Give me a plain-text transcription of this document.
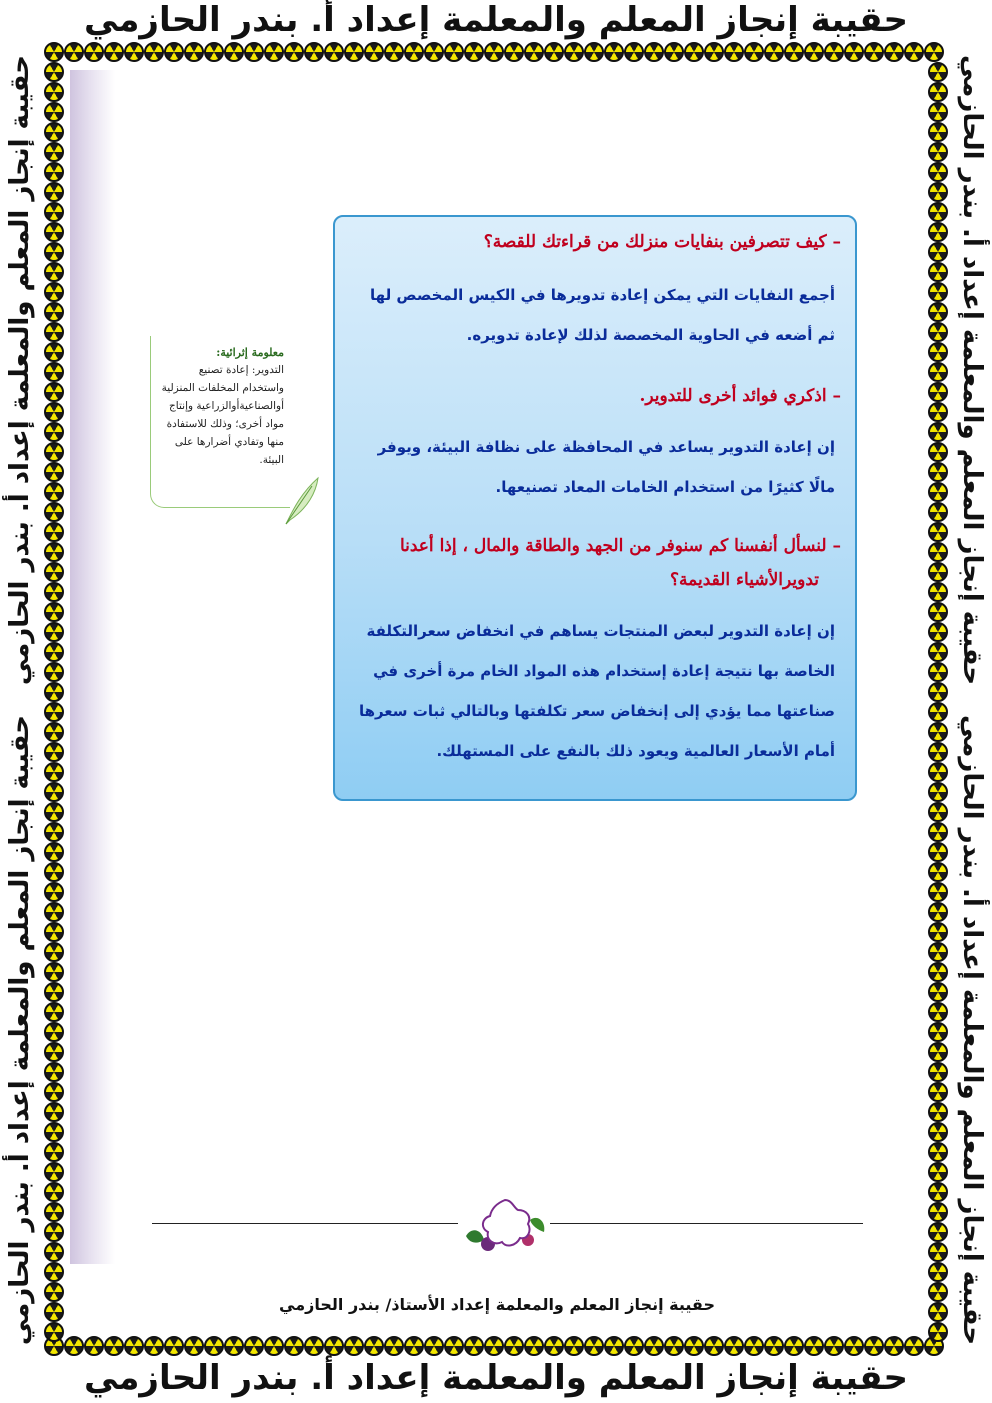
حقيبة إنجاز المعلم والمعلمة إعداد أ. بندر الحازمي
حقيبة إنجاز المعلم والمعلمة إعداد أ. بندر الحازمي
حقيبة إنجاز المعلم والمعلمة إعداد أ. بندر الحازمي
حقيبة إنجاز المعلم والمعلمة إعداد أ. بندر الحازمي
حقيبة إنجاز المعلم والمعلمة إعداد أ. بندر الحازمي
حقيبة إنجاز المعلم والمعلمة إعداد أ. بندر الحازمي
معلومة إثرائية:
التدوير: إعادة تصنيع واستخدام المخلفات المنزلية أوالصناعيةأوالزراعية وإنتاج مواد أخرى؛ وذلك للاستفادة منها وتفادي أضرارها على البيئة.
– كيف تتصرفين بنفايات منزلك من قراءتك للقصة؟
أجمع النفايات التي يمكن إعادة تدويرها في الكيس المخصص لها
ثم أضعه في الحاوية المخصصة لذلك لإعادة تدويره.
– اذكري فوائد أخرى للتدوير.
إن إعادة التدوير يساعد في المحافظة على نظافة البيئة، ويوفر
مالًا كثيرًا من استخدام الخامات المعاد تصنيعها.
– لنسأل أنفسنا كم سنوفر من الجهد والطاقة والمال ، إذا أعدنا
تدويرالأشياء القديمة؟
إن إعادة التدوير لبعض المنتجات يساهم في انخفاض سعرالتكلفة
الخاصة بها نتيجة إعادة إستخدام هذه المواد الخام مرة أخرى في
صناعتها مما يؤدي إلى إنخفاض سعر تكلفتها وبالتالي ثبات سعرها
أمام الأسعار العالمية ويعود ذلك بالنفع على المستهلك.
حقيبة إنجاز المعلم والمعلمة إعداد الأستاذ/ بندر الحازمي
